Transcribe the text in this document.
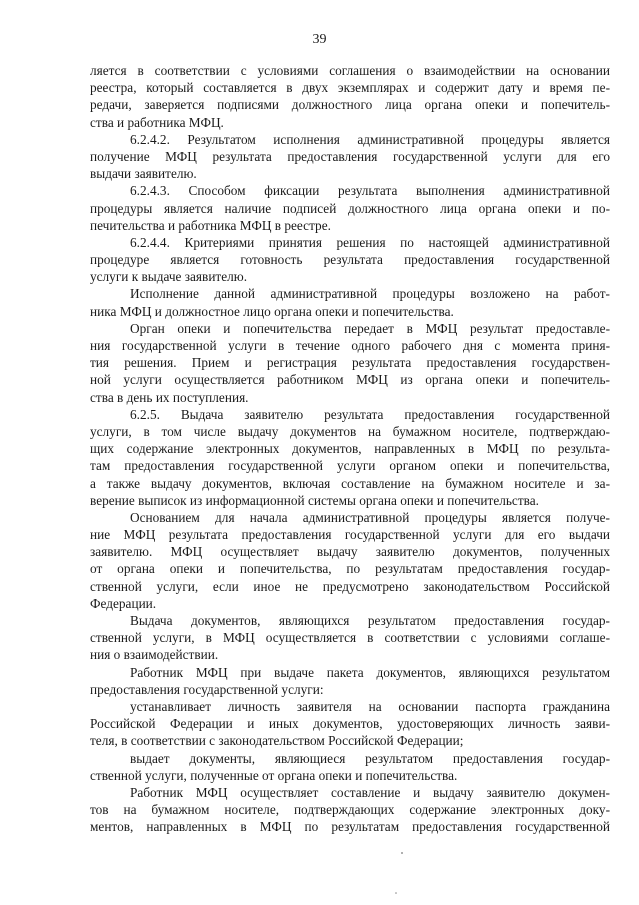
39
ляется в соответствии с условиями соглашения о взаимодействии на основании
реестра, который составляется в двух экземплярах и содержит дату и время пе-
редачи, заверяется подписями должностного лица органа опеки и попечитель-
ства и работника МФЦ.
6.2.4.2. Результатом исполнения административной процедуры является
получение МФЦ результата предоставления государственной услуги для его
выдачи заявителю.
6.2.4.3. Способом фиксации результата выполнения административной
процедуры является наличие подписей должностного лица органа опеки и по-
печительства и работника МФЦ в реестре.
6.2.4.4. Критериями принятия решения по настоящей административной
процедуре является готовность результата предоставления государственной
услуги к выдаче заявителю.
Исполнение данной административной процедуры возложено на работ-
ника МФЦ и должностное лицо органа опеки и попечительства.
Орган опеки и попечительства передает в МФЦ результат предоставле-
ния государственной услуги в течение одного рабочего дня с момента приня-
тия решения. Прием и регистрация результата предоставления государствен-
ной услуги осуществляется работником МФЦ из органа опеки и попечитель-
ства в день их поступления.
6.2.5. Выдача заявителю результата предоставления государственной
услуги, в том числе выдачу документов на бумажном носителе, подтверждаю-
щих содержание электронных документов, направленных в МФЦ по результа-
там предоставления государственной услуги органом опеки и попечительства,
а также выдачу документов, включая составление на бумажном носителе и за-
верение выписок из информационной системы органа опеки и попечительства.
Основанием для начала административной процедуры является получе-
ние МФЦ результата предоставления государственной услуги для его выдачи
заявителю. МФЦ осуществляет выдачу заявителю документов, полученных
от органа опеки и попечительства, по результатам предоставления государ-
ственной услуги, если иное не предусмотрено законодательством Российской
Федерации.
Выдача документов, являющихся результатом предоставления государ-
ственной услуги, в МФЦ осуществляется в соответствии с условиями соглаше-
ния о взаимодействии.
Работник МФЦ при выдаче пакета документов, являющихся результатом
предоставления государственной услуги:
устанавливает личность заявителя на основании паспорта гражданина
Российской Федерации и иных документов, удостоверяющих личность заяви-
теля, в соответствии с законодательством Российской Федерации;
выдает документы, являющиеся результатом предоставления государ-
ственной услуги, полученные от органа опеки и попечительства.
Работник МФЦ осуществляет составление и выдачу заявителю докумен-
тов на бумажном носителе, подтверждающих содержание электронных доку-
ментов, направленных в МФЦ по результатам предоставления государственной
